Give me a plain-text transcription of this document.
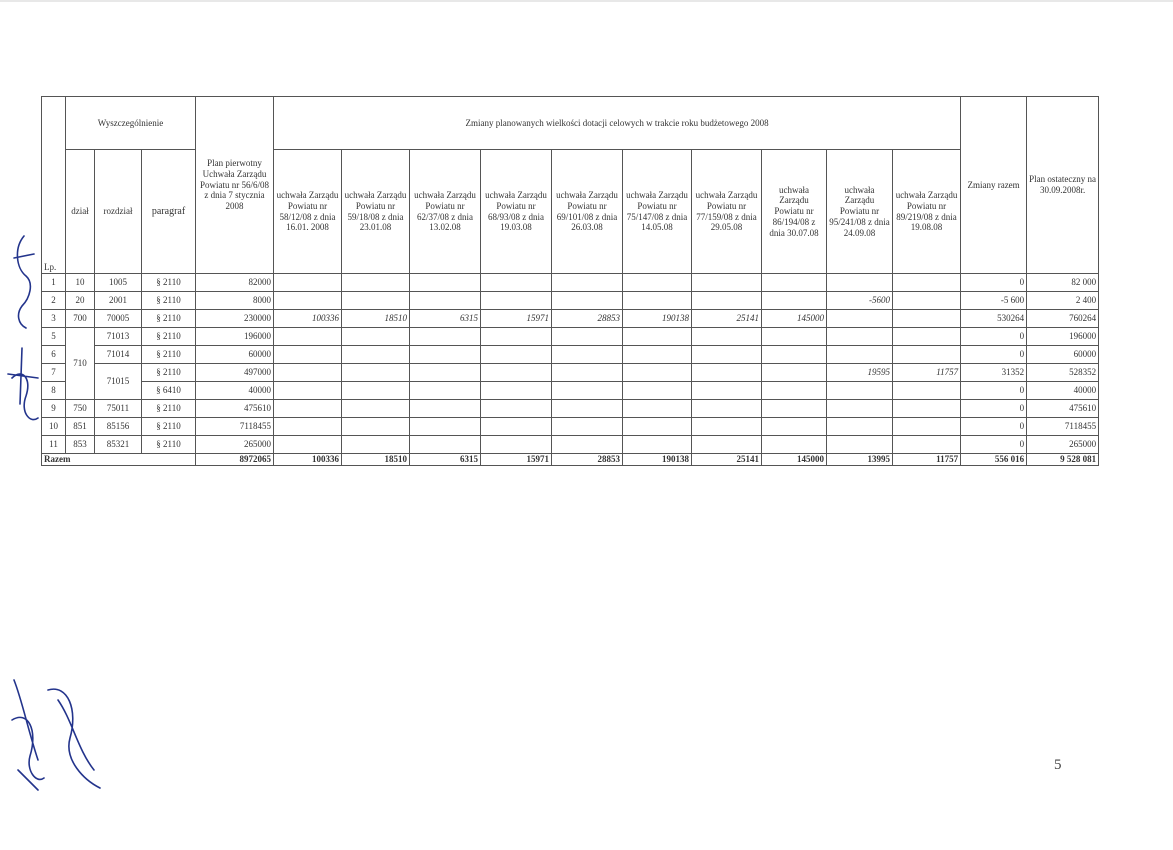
Lp.	Wyszczególnienie			Plan pierwotny Uchwała Zarządu Powiatu nr 56/6/08 z dnia 7 stycznia 2008	Zmiany planowanych wielkości dotacji celowych w trakcie roku budżetowego 2008										Zmiany razem	Plan ostateczny na 30.09.2008r.
	dział	rozdział	paragraf		uchwała Zarządu Powiatu nr 58/12/08 z dnia 16.01. 2008	uchwała Zarządu Powiatu nr 59/18/08 z dnia 23.01.08	uchwała Zarządu Powiatu nr 62/37/08 z dnia 13.02.08	uchwała Zarządu Powiatu nr 68/93/08 z dnia 19.03.08	uchwała Zarządu Powiatu nr 69/101/08 z dnia 26.03.08	uchwała Zarządu Powiatu nr 75/147/08 z dnia 14.05.08	uchwała Zarządu Powiatu nr 77/159/08 z dnia 29.05.08	uchwała Zarządu Powiatu nr 86/194/08 z dnia 30.07.08	uchwała Zarządu Powiatu nr 95/241/08 z dnia 24.09.08	uchwała Zarządu Powiatu nr 89/219/08 z dnia 19.08.08		
1	10	1005	§ 2110	82000											0	82 000
2	20	2001	§ 2110	8000									-5600		-5 600	2 400
3	700	70005	§ 2110	230000	100336	18510	6315	15971	28853	190138	25141	145000			530264	760264
5	710	71013	§ 2110	196000											0	196000
6		71014	§ 2110	60000											0	60000
7		71015	§ 2110	497000									19595	11757	31352	528352
8			§ 6410	40000											0	40000
9	750	75011	§ 2110	475610											0	475610
10	851	85156	§ 2110	7118455											0	7118455
11	853	85321	§ 2110	265000											0	265000
Razem				8972065	100336	18510	6315	15971	28853	190138	25141	145000	13995	11757	556 016	9 528 081
5
